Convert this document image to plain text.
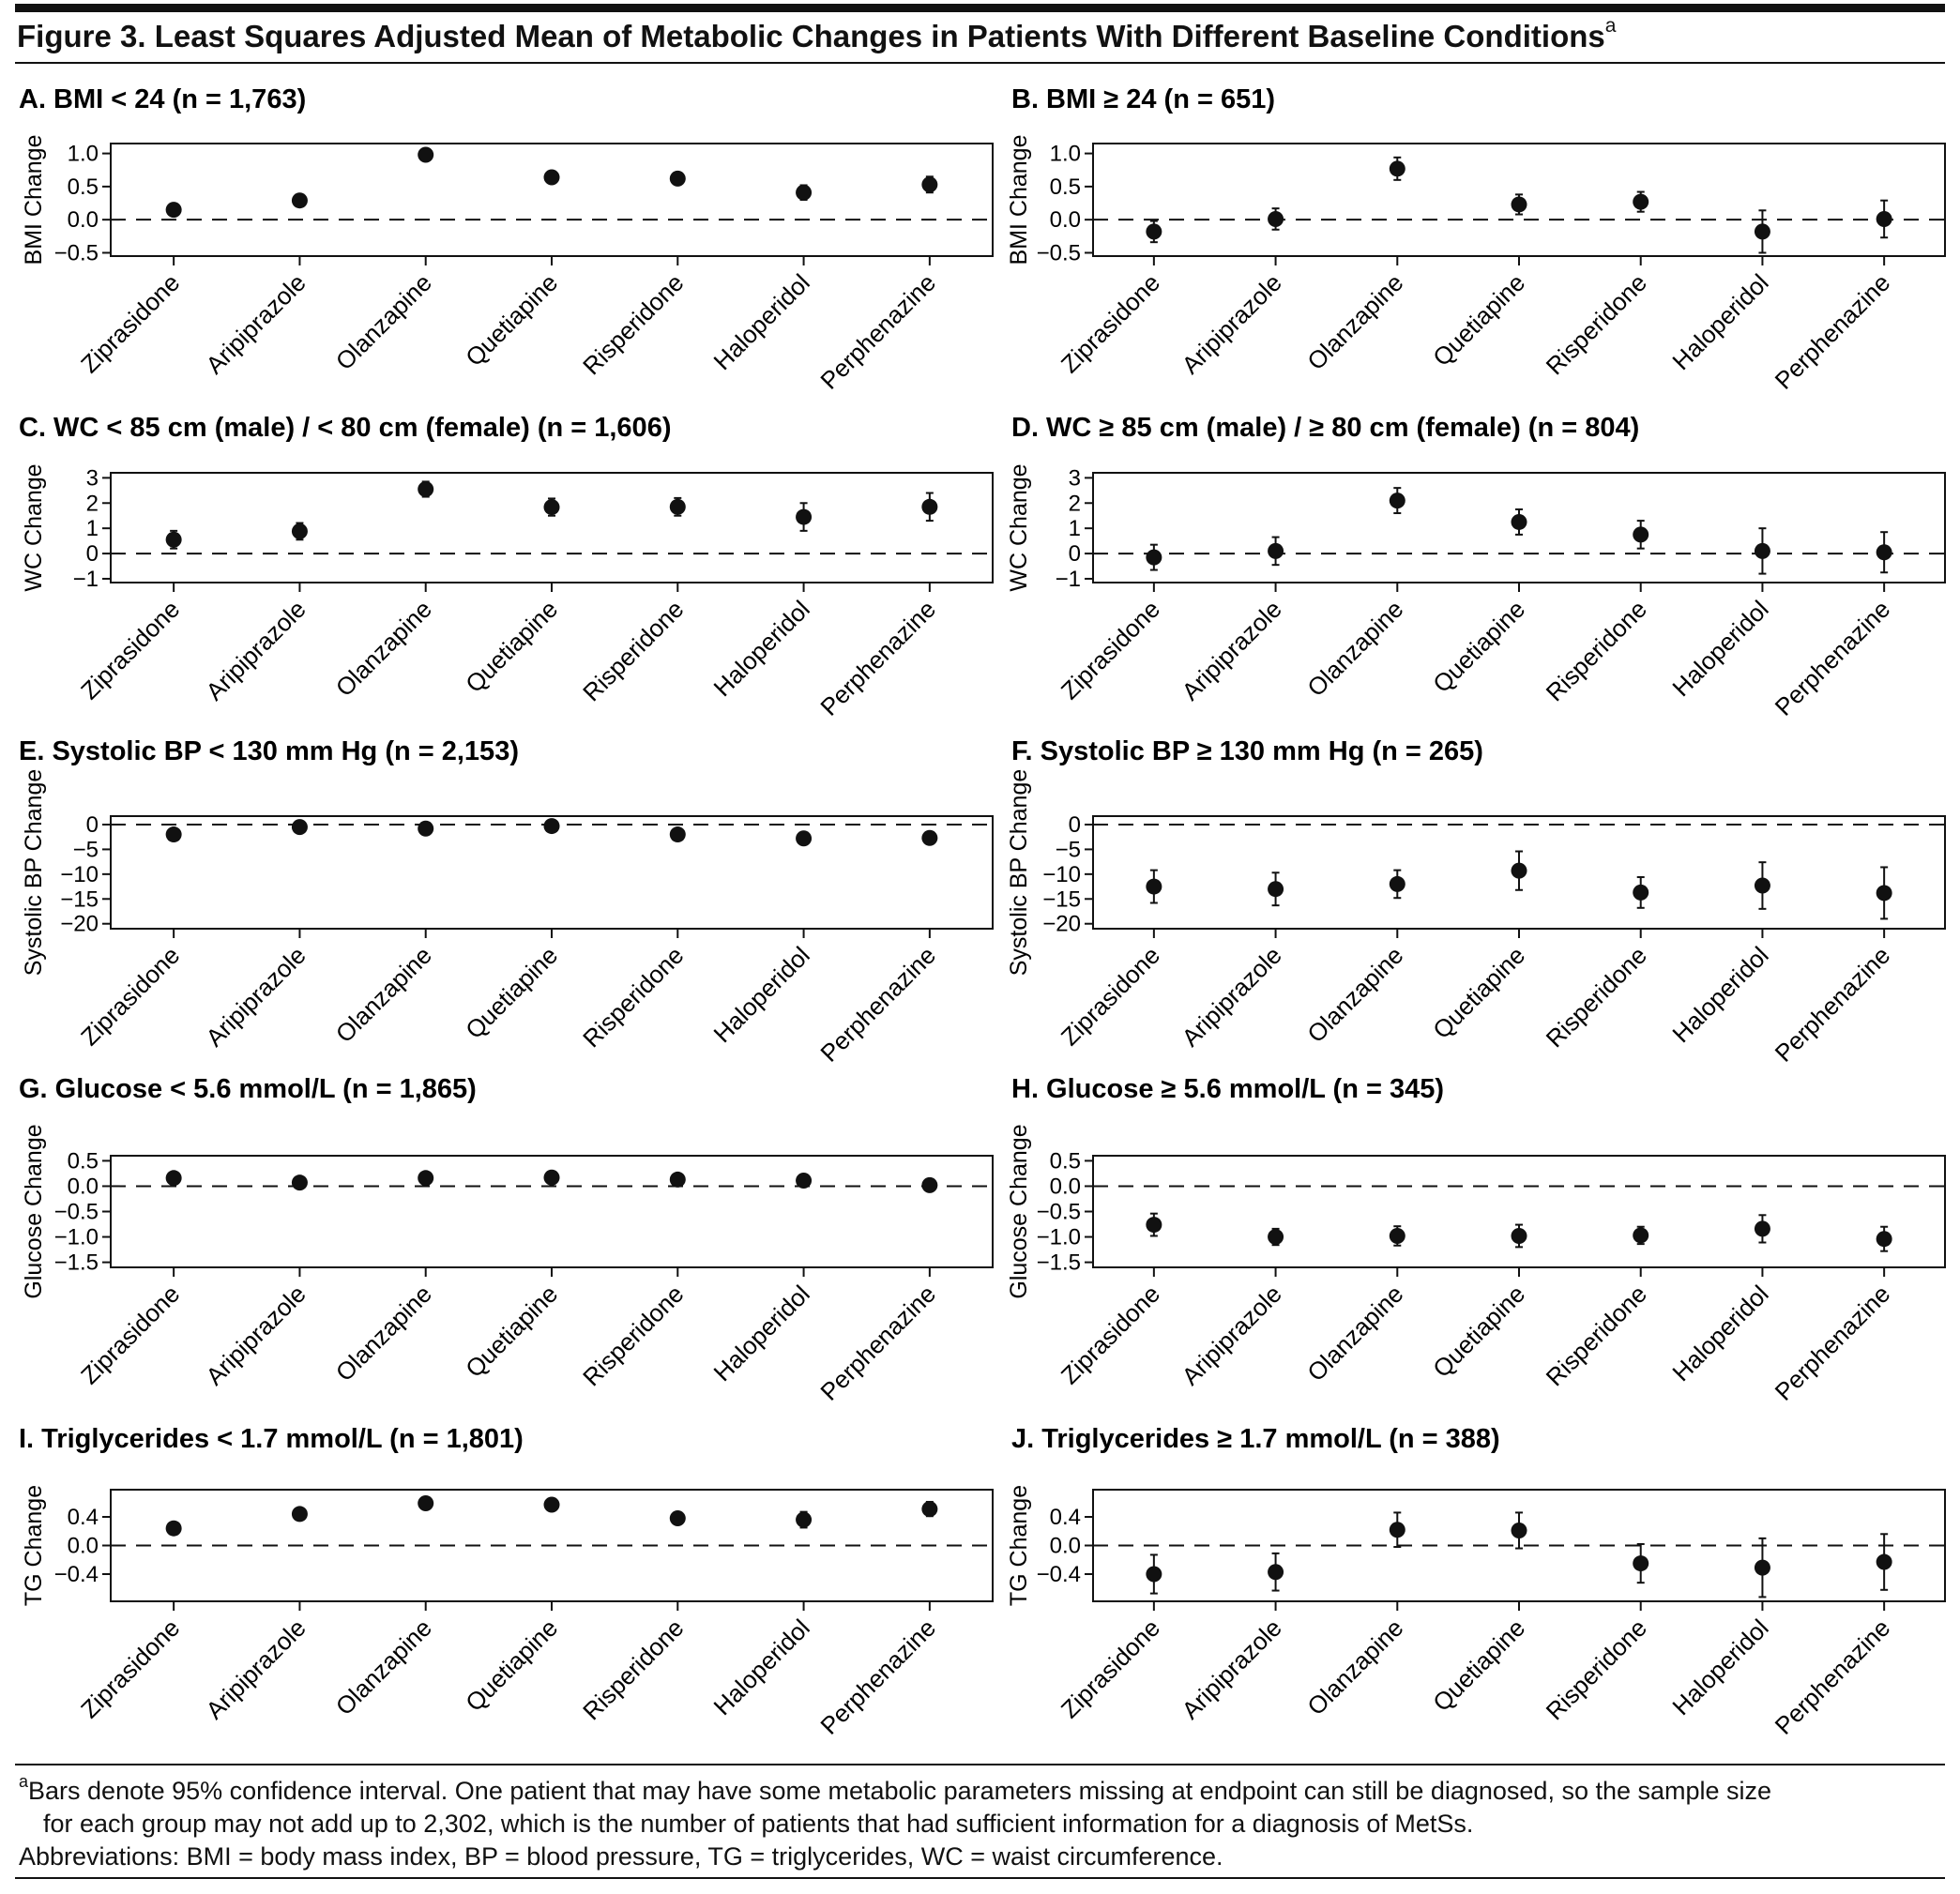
Figure 3. Least Squares Adjusted Mean of Metabolic Changes in Patients With Different Baseline Conditions$^a$
A. BMI < 24 (n = 1,763)
BMI Change 1.0
0.5
0.0
−0.5
Ziprasidone Aripiprazole Olanzapine Quetiapine Risperidone Haloperidol Perphenazine
B. BMI ≥ 24 (n = 651)
BMI Change 1.0
0.5
0.0
−0.5
Ziprasidone Aripiprazole Olanzapine Quetiapine Risperidone Haloperidol
Perphenazine
C. WC < 85 cm (male) / < 80 cm (female) (n = 1,606)
WC Change 3
2
1
0
−1
Ziprasidone Aripiprazole Olanzapine Quetiapine Risperidone Haloperidol Perphenazine
D. WC ≥ 85 cm (male) / ≥ 80 cm (female) (n = 804)
WC Change 3
2
1
0
−1
Ziprasidone Aripiprazole Olanzapine Quetiapine Risperidone Haloperidol
Perphenazine
E. Systolic BP < 130 mm Hg (n = 2,153)
Systolic BP Change 0
−5
−10
−15
−20
Ziprasidone Aripiprazole Olanzapine Quetiapine Risperidone Haloperidol Perphenazine
F. Systolic BP ≥ 130 mm Hg (n = 265)
Systolic BP Change 0
−5
−10
−15
−20
Ziprasidone Aripiprazole Olanzapine Quetiapine Risperidone Haloperidol
Perphenazine
G. Glucose < 5.6 mmol/L (n = 1,865)
Glucose Change 0.5
0.0
−0.5
−1.0
−1.5
Ziprasidone Aripiprazole Olanzapine Quetiapine Risperidone Haloperidol Perphenazine
H. Glucose ≥ 5.6 mmol/L (n = 345)
Glucose Change 0.5
0.0
−0.5
−1.0
−1.5
Ziprasidone Aripiprazole Olanzapine Quetiapine Risperidone Haloperidol
Perphenazine
I. Triglycerides < 1.7 mmol/L (n = 1,801)
TG Change 0.4
0.0
−0.4
Ziprasidone Aripiprazole Olanzapine Quetiapine Risperidone Haloperidol Perphenazine
J. Triglycerides ≥ 1.7 mmol/L (n = 388)
TG Change 0.4
0.0
−0.4
Ziprasidone Aripiprazole Olanzapine Quetiapine Risperidone Haloperidol
Perphenazine

$^a$Bars denote 95% confidence interval. One patient that may have some metabolic parameters missing at endpoint can still be diagnosed, so the sample size

for each group may not add up to 2,302, which is the number of patients that had sufficient information for a diagnosis of MetSs.

Abbreviations: BMI = body mass index, BP = blood pressure, TG = triglycerides, WC = waist circumference.
